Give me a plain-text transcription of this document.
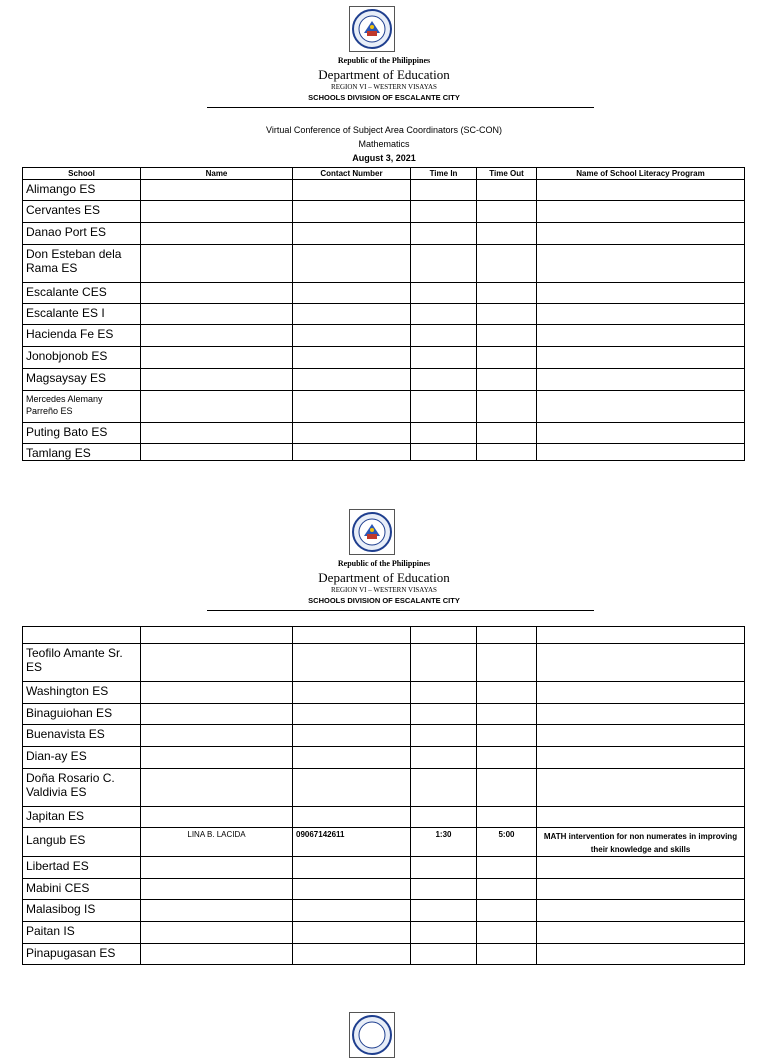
Republic of the Philippines
Department of Education
REGION VI – WESTERN VISAYAS
SCHOOLS DIVISION OF ESCALANTE CITY
Virtual Conference of Subject Area Coordinators (SC-CON)
Mathematics
August 3, 2021
School	Name	Contact Number	Time In	Time Out	Name of School Literacy Program
Alimango ES					
Cervantes ES					
Danao Port ES					
Don Esteban dela Rama ES					
Escalante CES					
Escalante ES I					
Hacienda Fe ES					
Jonobjonob ES					
Magsaysay ES					
Mercedes Alemany Parreño ES					
Puting Bato ES					
Tamlang ES					
Republic of the Philippines
Department of Education
REGION VI – WESTERN VISAYAS
SCHOOLS DIVISION OF ESCALANTE CITY

Teofilo Amante Sr. ES					
Washington ES					
Binaguiohan ES					
Buenavista ES					
Dian-ay ES					
Doña Rosario C. Valdivia ES					
Japitan ES					
Langub ES	LINA B. LACIDA	09067142611	1:30	5:00	MATH intervention for non numerates in improving their knowledge and skills
Libertad ES					
Mabini CES					
Malasibog IS					
Paitan IS					
Pinapugasan ES					
